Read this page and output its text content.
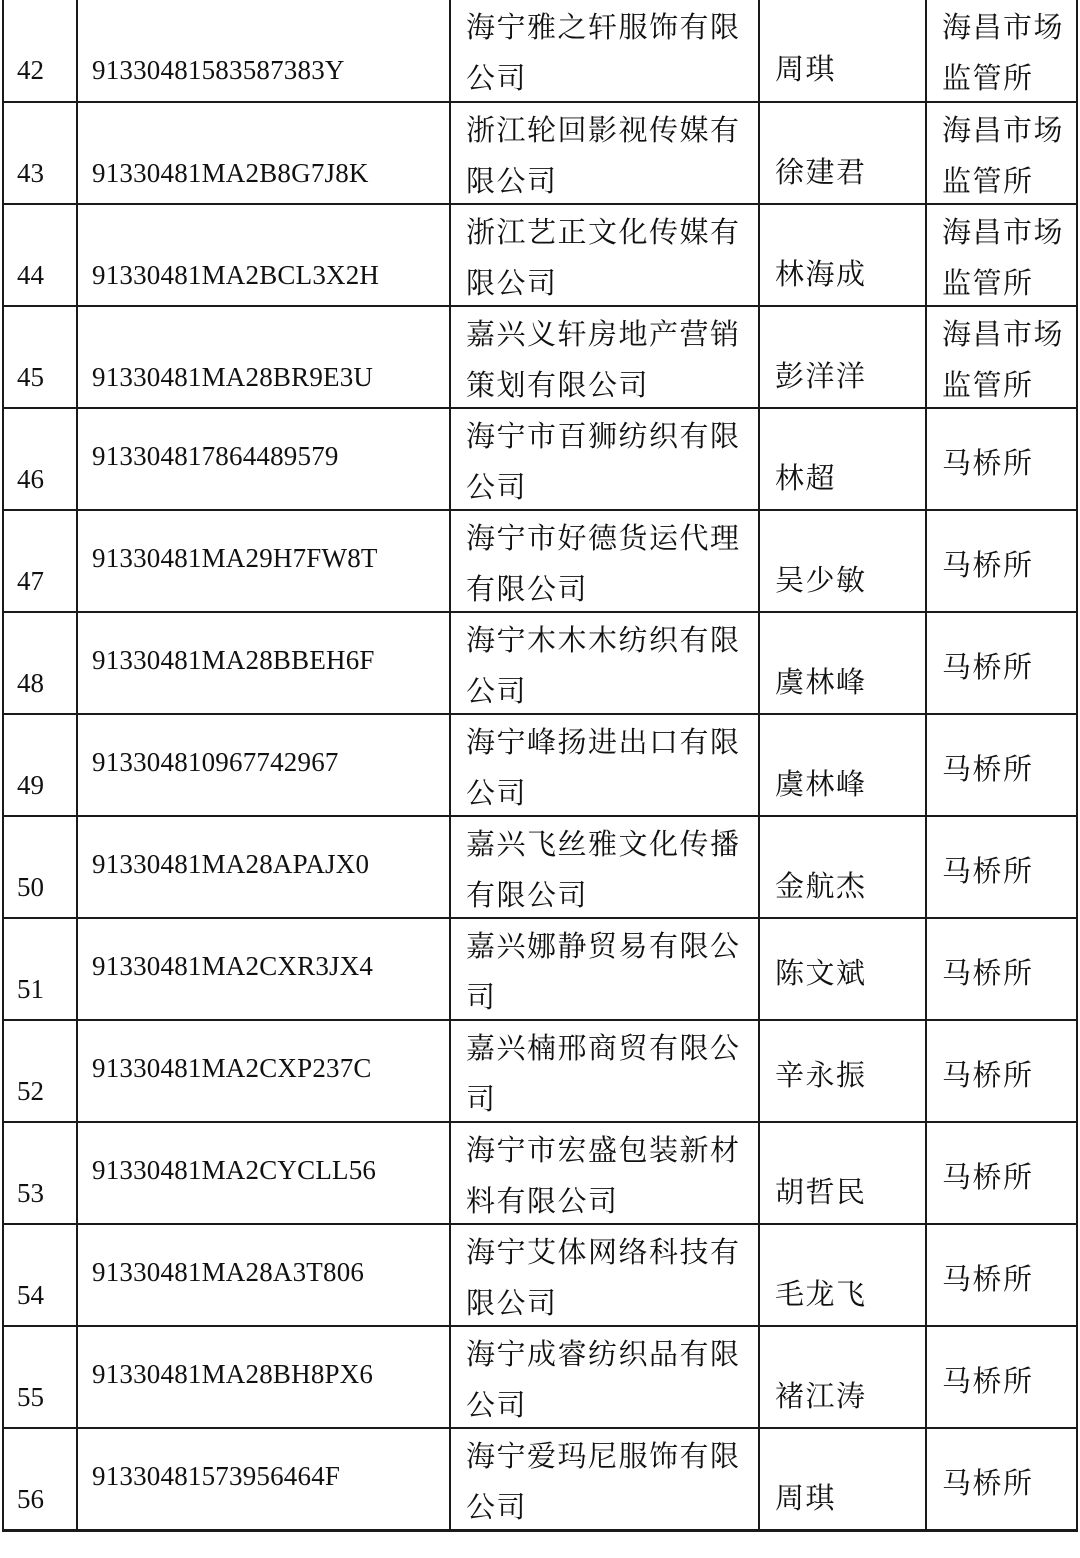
42	91330481583587383Y	海宁雅之轩服饰有限公司	周琪	海昌市场监管所

43	91330481MA2B8G7J8K	浙江轮回影视传媒有限公司	徐建君	海昌市场监管所

44	91330481MA2BCL3X2H	浙江艺正文化传媒有限公司	林海成	海昌市场监管所

45	91330481MA28BR9E3U	嘉兴义轩房地产营销策划有限公司	彭洋洋	海昌市场监管所

46	913304817864489579	海宁市百狮纺织有限公司	林超	马桥所

47	91330481MA29H7FW8T	海宁市好德货运代理有限公司	吴少敏	马桥所

48	91330481MA28BBEH6F	海宁木木木纺织有限公司	虞林峰	马桥所

49	913304810967742967	海宁峰扬进出口有限公司	虞林峰	马桥所

50	91330481MA28APAJX0	嘉兴飞丝雅文化传播有限公司	金航杰	马桥所

51	91330481MA2CXR3JX4	嘉兴娜静贸易有限公司	陈文斌	马桥所

52	91330481MA2CXP237C	嘉兴楠邢商贸有限公司	辛永振	马桥所

53	91330481MA2CYCLL56	海宁市宏盛包装新材料有限公司	胡哲民	马桥所

54	91330481MA28A3T806	海宁艾体网络科技有限公司	毛龙飞	马桥所

55	91330481MA28BH8PX6	海宁成睿纺织品有限公司	褚江涛	马桥所

56	91330481573956464F	海宁爱玛尼服饰有限公司	周琪	马桥所
